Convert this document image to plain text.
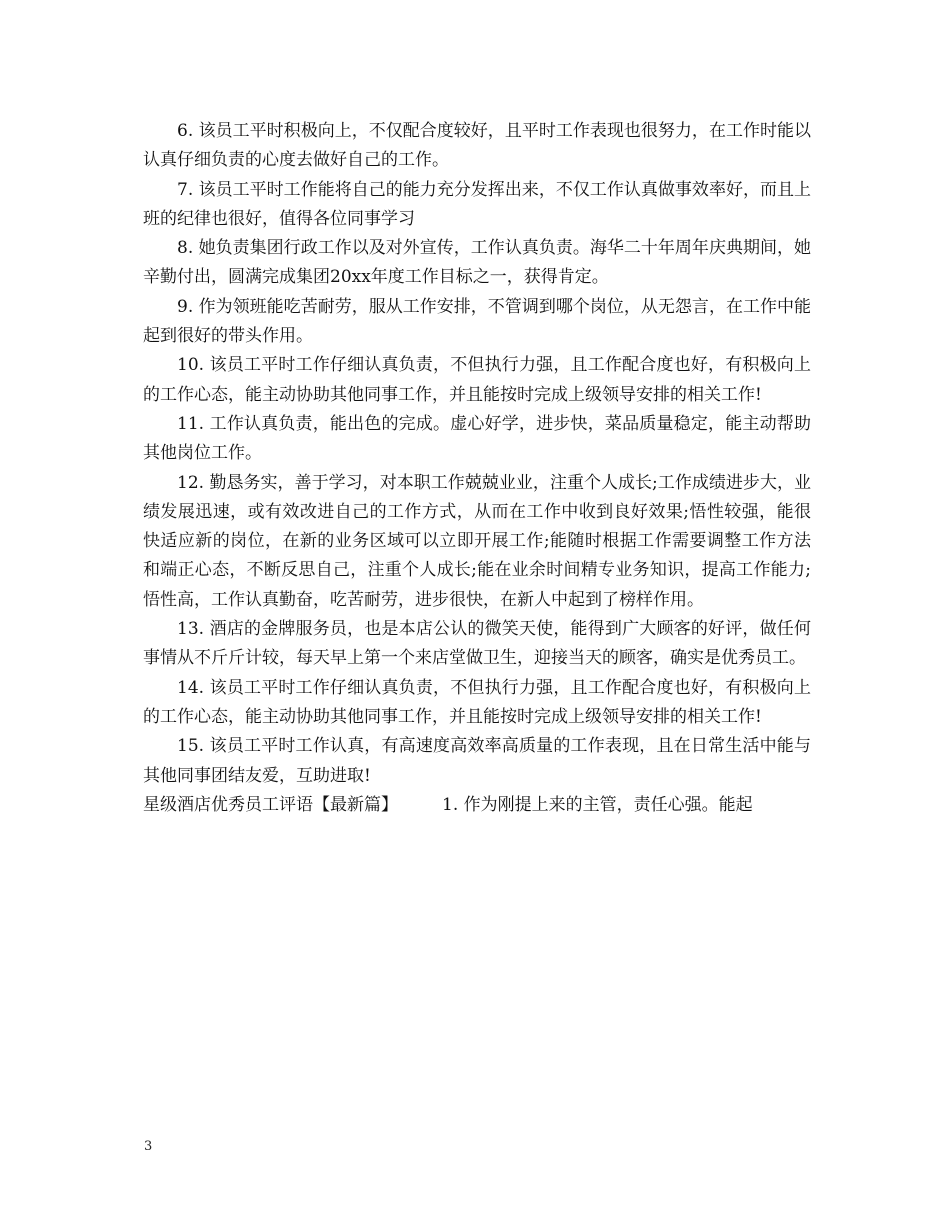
6. 该员工平时积极向上，不仅配合度较好，且平时工作表现也很努力，在工作时能以认真仔细负责的心度去做好自己的工作。

7. 该员工平时工作能将自己的能力充分发挥出来，不仅工作认真做事效率好，而且上班的纪律也很好，值得各位同事学习

8. 她负责集团行政工作以及对外宣传，工作认真负责。海华二十年周年庆典期间，她辛勤付出，圆满完成集团20xx年度工作目标之一，获得肯定。

9. 作为领班能吃苦耐劳，服从工作安排，不管调到哪个岗位，从无怨言，在工作中能起到很好的带头作用。

10. 该员工平时工作仔细认真负责，不但执行力强，且工作配合度也好，有积极向上的工作心态，能主动协助其他同事工作，并且能按时完成上级领导安排的相关工作!

11. 工作认真负责，能出色的完成。虚心好学，进步快，菜品质量稳定，能主动帮助其他岗位工作。

12. 勤恳务实，善于学习，对本职工作兢兢业业，注重个人成长;工作成绩进步大，业绩发展迅速，或有效改进自己的工作方式，从而在工作中收到良好效果;悟性较强，能很快适应新的岗位，在新的业务区域可以立即开展工作;能随时根据工作需要调整工作方法和端正心态，不断反思自己，注重个人成长;能在业余时间精专业务知识，提高工作能力;悟性高，工作认真勤奋，吃苦耐劳，进步很快，在新人中起到了榜样作用。

13. 酒店的金牌服务员，也是本店公认的微笑天使，能得到广大顾客的好评，做任何事情从不斤斤计较，每天早上第一个来店堂做卫生，迎接当天的顾客，确实是优秀员工。

14. 该员工平时工作仔细认真负责，不但执行力强，且工作配合度也好，有积极向上的工作心态，能主动协助其他同事工作，并且能按时完成上级领导安排的相关工作!

15. 该员工平时工作认真，有高速度高效率高质量的工作表现，且在日常生活中能与其他同事团结友爱，互助进取!

星级酒店优秀员工评语【最新篇】	1. 作为刚提上来的主管，责任心强。能起

3
